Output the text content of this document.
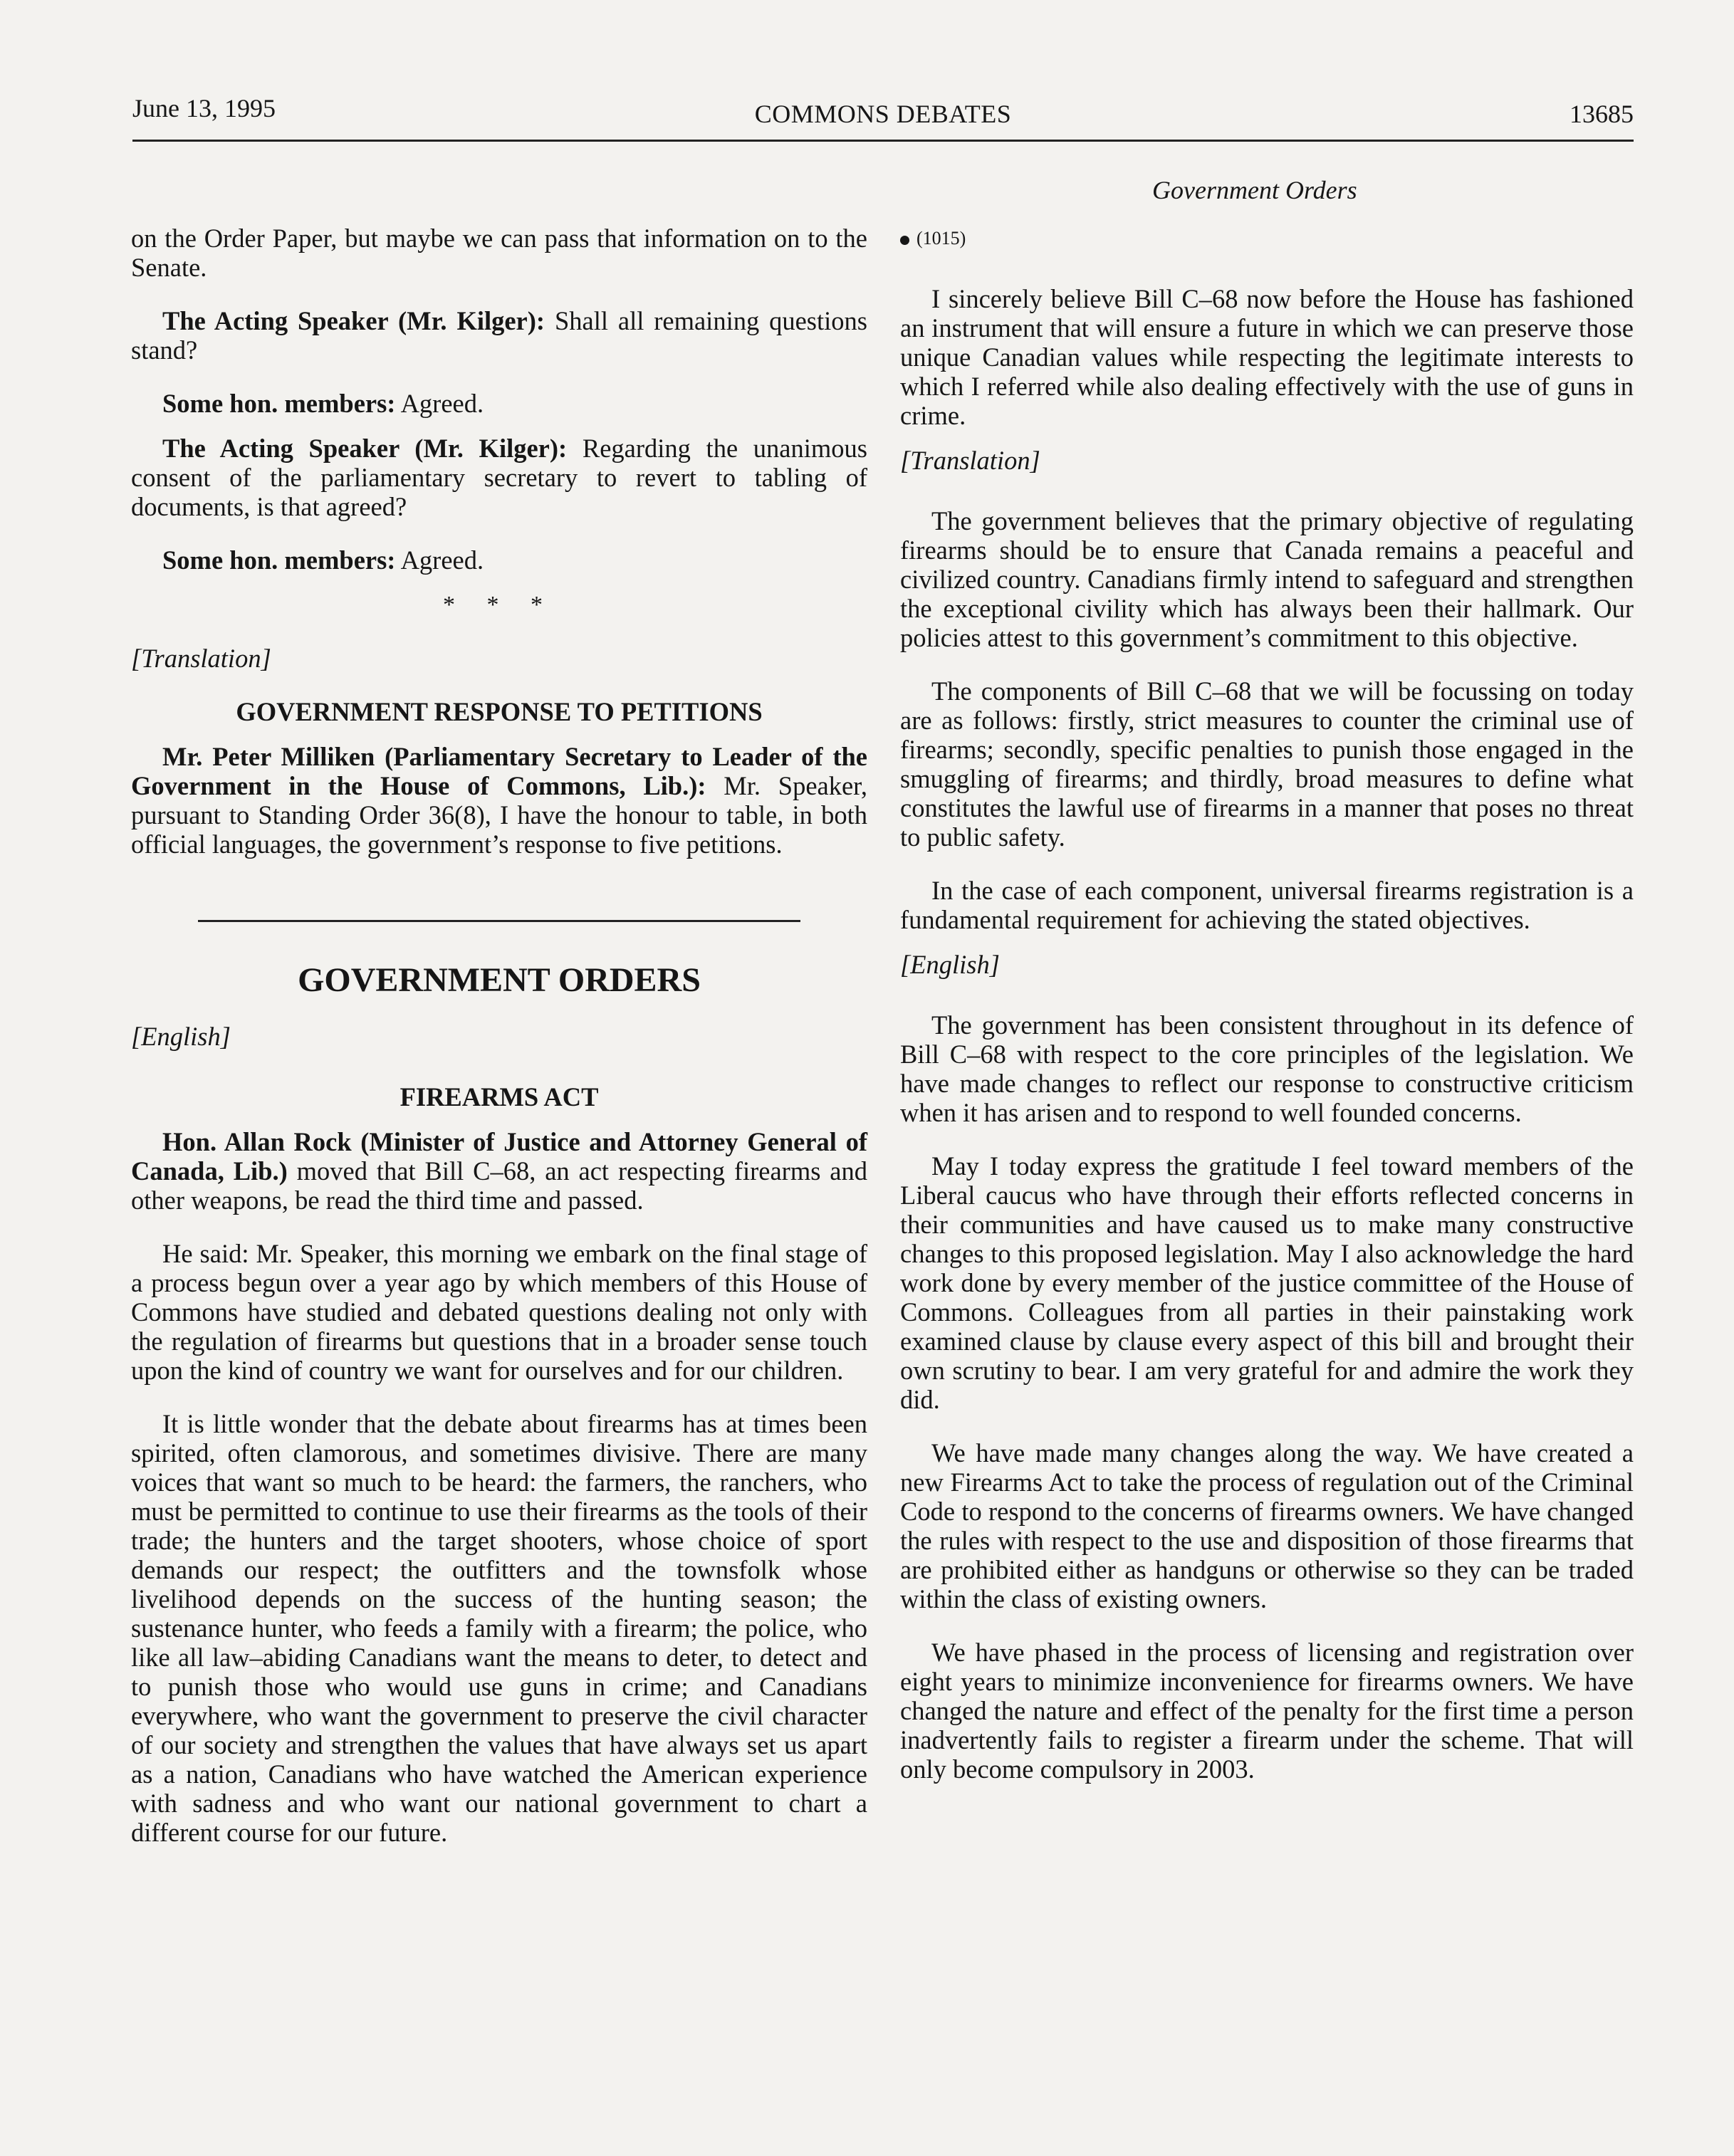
June 13, 1995	COMMONS DEBATES	13685
Government Orders

on the Order Paper, but maybe we can pass that information on to the Senate.

The Acting Speaker (Mr. Kilger): Shall all remaining questions stand?

Some hon. members: Agreed.

The Acting Speaker (Mr. Kilger): Regarding the unanimous consent of the parliamentary secretary to revert to tabling of documents, is that agreed?

Some hon. members: Agreed.

* * *

[Translation]

GOVERNMENT RESPONSE TO PETITIONS

Mr. Peter Milliken (Parliamentary Secretary to Leader of the Government in the House of Commons, Lib.): Mr. Speaker, pursuant to Standing Order 36(8), I have the honour to table, in both official languages, the government’s response to five petitions.

GOVERNMENT ORDERS

[English]

FIREARMS ACT

Hon. Allan Rock (Minister of Justice and Attorney General of Canada, Lib.) moved that Bill C–68, an act respecting firearms and other weapons, be read the third time and passed.

He said: Mr. Speaker, this morning we embark on the final stage of a process begun over a year ago by which members of this House of Commons have studied and debated questions dealing not only with the regulation of firearms but questions that in a broader sense touch upon the kind of country we want for ourselves and for our children.

It is little wonder that the debate about firearms has at times been spirited, often clamorous, and sometimes divisive. There are many voices that want so much to be heard: the farmers, the ranchers, who must be permitted to continue to use their firearms as the tools of their trade; the hunters and the target shooters, whose choice of sport demands our respect; the outfitters and the townsfolk whose livelihood depends on the success of the hunting season; the sustenance hunter, who feeds a family with a firearm; the police, who like all law–abiding Canadians want the means to deter, to detect and to punish those who would use guns in crime; and Canadians everywhere, who want the government to preserve the civil character of our society and strengthen the values that have always set us apart as a nation, Canadians who have watched the American experience with sadness and who want our national government to chart a different course for our future.

(1015)

I sincerely believe Bill C–68 now before the House has fashioned an instrument that will ensure a future in which we can preserve those unique Canadian values while respecting the legitimate interests to which I referred while also dealing effectively with the use of guns in crime.

[Translation]

The government believes that the primary objective of regulating firearms should be to ensure that Canada remains a peaceful and civilized country. Canadians firmly intend to safeguard and strengthen the exceptional civility which has always been their hallmark. Our policies attest to this government’s commitment to this objective.

The components of Bill C–68 that we will be focussing on today are as follows: firstly, strict measures to counter the criminal use of firearms; secondly, specific penalties to punish those engaged in the smuggling of firearms; and thirdly, broad measures to define what constitutes the lawful use of firearms in a manner that poses no threat to public safety.

In the case of each component, universal firearms registration is a fundamental requirement for achieving the stated objectives.

[English]

The government has been consistent throughout in its defence of Bill C–68 with respect to the core principles of the legislation. We have made changes to reflect our response to constructive criticism when it has arisen and to respond to well founded concerns.

May I today express the gratitude I feel toward members of the Liberal caucus who have through their efforts reflected concerns in their communities and have caused us to make many constructive changes to this proposed legislation. May I also acknowledge the hard work done by every member of the justice committee of the House of Commons. Colleagues from all parties in their painstaking work examined clause by clause every aspect of this bill and brought their own scrutiny to bear. I am very grateful for and admire the work they did.

We have made many changes along the way. We have created a new Firearms Act to take the process of regulation out of the Criminal Code to respond to the concerns of firearms owners. We have changed the rules with respect to the use and disposition of those firearms that are prohibited either as handguns or otherwise so they can be traded within the class of existing owners.

We have phased in the process of licensing and registration over eight years to minimize inconvenience for firearms owners. We have changed the nature and effect of the penalty for the first time a person inadvertently fails to register a firearm under the scheme. That will only become compulsory in 2003.
